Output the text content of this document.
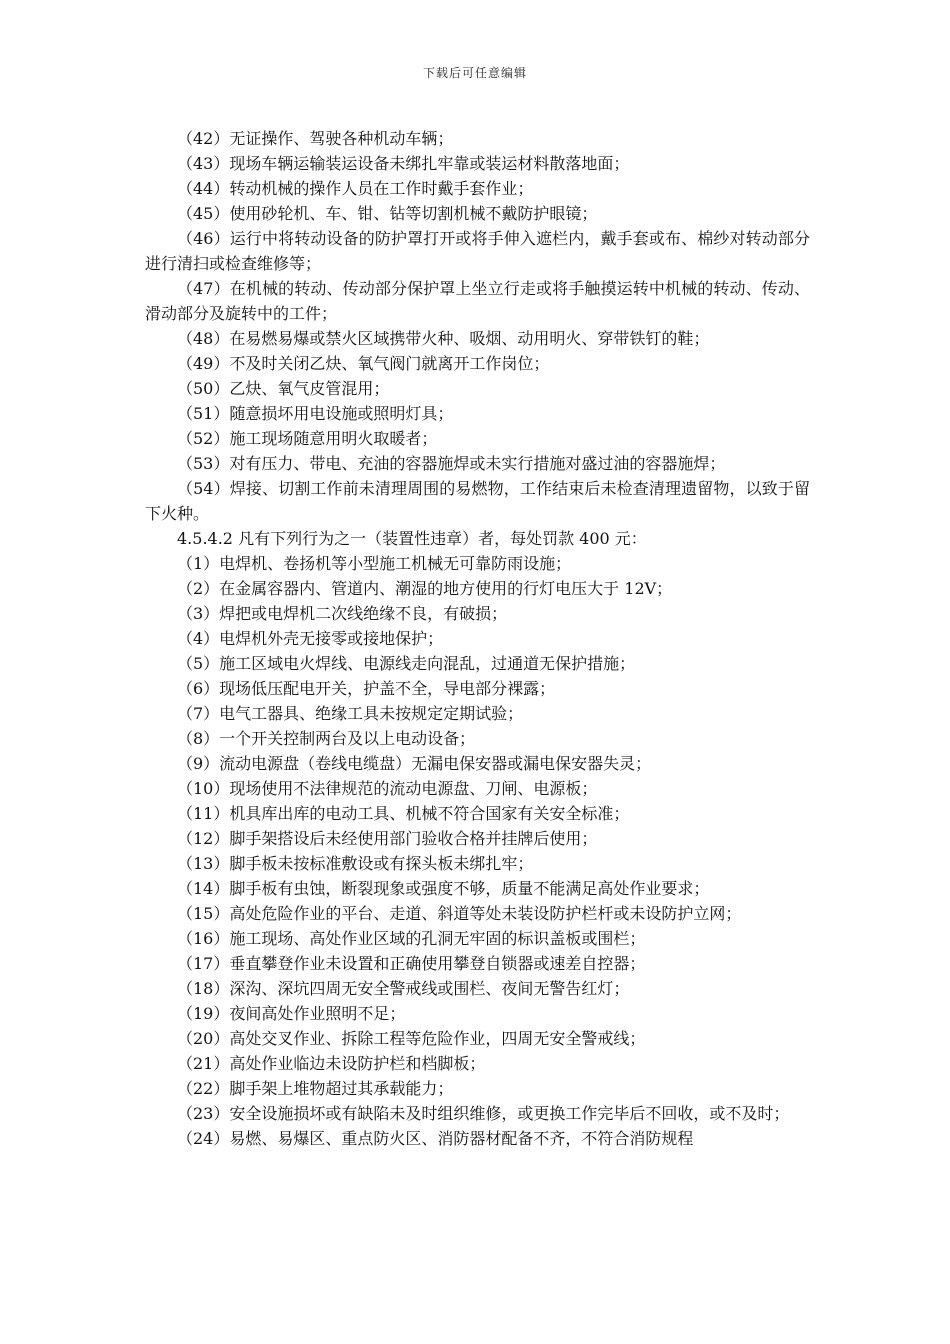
下载后可任意编辑

（42）无证操作、驾驶各种机动车辆；

（43）现场车辆运输装运设备未绑扎牢靠或装运材料散落地面；

（44）转动机械的操作人员在工作时戴手套作业；

（45）使用砂轮机、车、钳、钻等切割机械不戴防护眼镜；

（46）运行中将转动设备的防护罩打开或将手伸入遮栏内，戴手套或布、棉纱对转动部分进行清扫或检查维修等；

（47）在机械的转动、传动部分保护罩上坐立行走或将手触摸运转中机械的转动、传动、滑动部分及旋转中的工件；

（48）在易燃易爆或禁火区域携带火种、吸烟、动用明火、穿带铁钉的鞋；

（49）不及时关闭乙炔、氧气阀门就离开工作岗位；

（50）乙炔、氧气皮管混用；

（51）随意损坏用电设施或照明灯具；

（52）施工现场随意用明火取暖者；

（53）对有压力、带电、充油的容器施焊或未实行措施对盛过油的容器施焊；

（54）焊接、切割工作前未清理周围的易燃物，工作结束后未检查清理遗留物，以致于留下火种。

4.5.4.2 凡有下列行为之一（装置性违章）者，每处罚款 400 元：

（1）电焊机、卷扬机等小型施工机械无可靠防雨设施；

（2）在金属容器内、管道内、潮湿的地方使用的行灯电压大于 12V；

（3）焊把或电焊机二次线绝缘不良，有破损；

（4）电焊机外壳无接零或接地保护；

（5）施工区域电火焊线、电源线走向混乱，过通道无保护措施；

（6）现场低压配电开关，护盖不全，导电部分裸露；

（7）电气工器具、绝缘工具未按规定定期试验；

（8）一个开关控制两台及以上电动设备；

（9）流动电源盘（卷线电缆盘）无漏电保安器或漏电保安器失灵；

（10）现场使用不法律规范的流动电源盘、刀闸、电源板；

（11）机具库出库的电动工具、机械不符合国家有关安全标准；

（12）脚手架搭设后未经使用部门验收合格并挂牌后使用；

（13）脚手板未按标准敷设或有探头板未绑扎牢；

（14）脚手板有虫蚀，断裂现象或强度不够，质量不能满足高处作业要求；

（15）高处危险作业的平台、走道、斜道等处未装设防护栏杆或未设防护立网；

（16）施工现场、高处作业区域的孔洞无牢固的标识盖板或围栏；

（17）垂直攀登作业未设置和正确使用攀登自锁器或速差自控器；

（18）深沟、深坑四周无安全警戒线或围栏、夜间无警告红灯；

（19）夜间高处作业照明不足；

（20）高处交叉作业、拆除工程等危险作业，四周无安全警戒线；

（21）高处作业临边未设防护栏和档脚板；

（22）脚手架上堆物超过其承载能力；

（23）安全设施损坏或有缺陷未及时组织维修，或更换工作完毕后不回收，或不及时；

（24）易燃、易爆区、重点防火区、消防器材配备不齐，不符合消防规程
